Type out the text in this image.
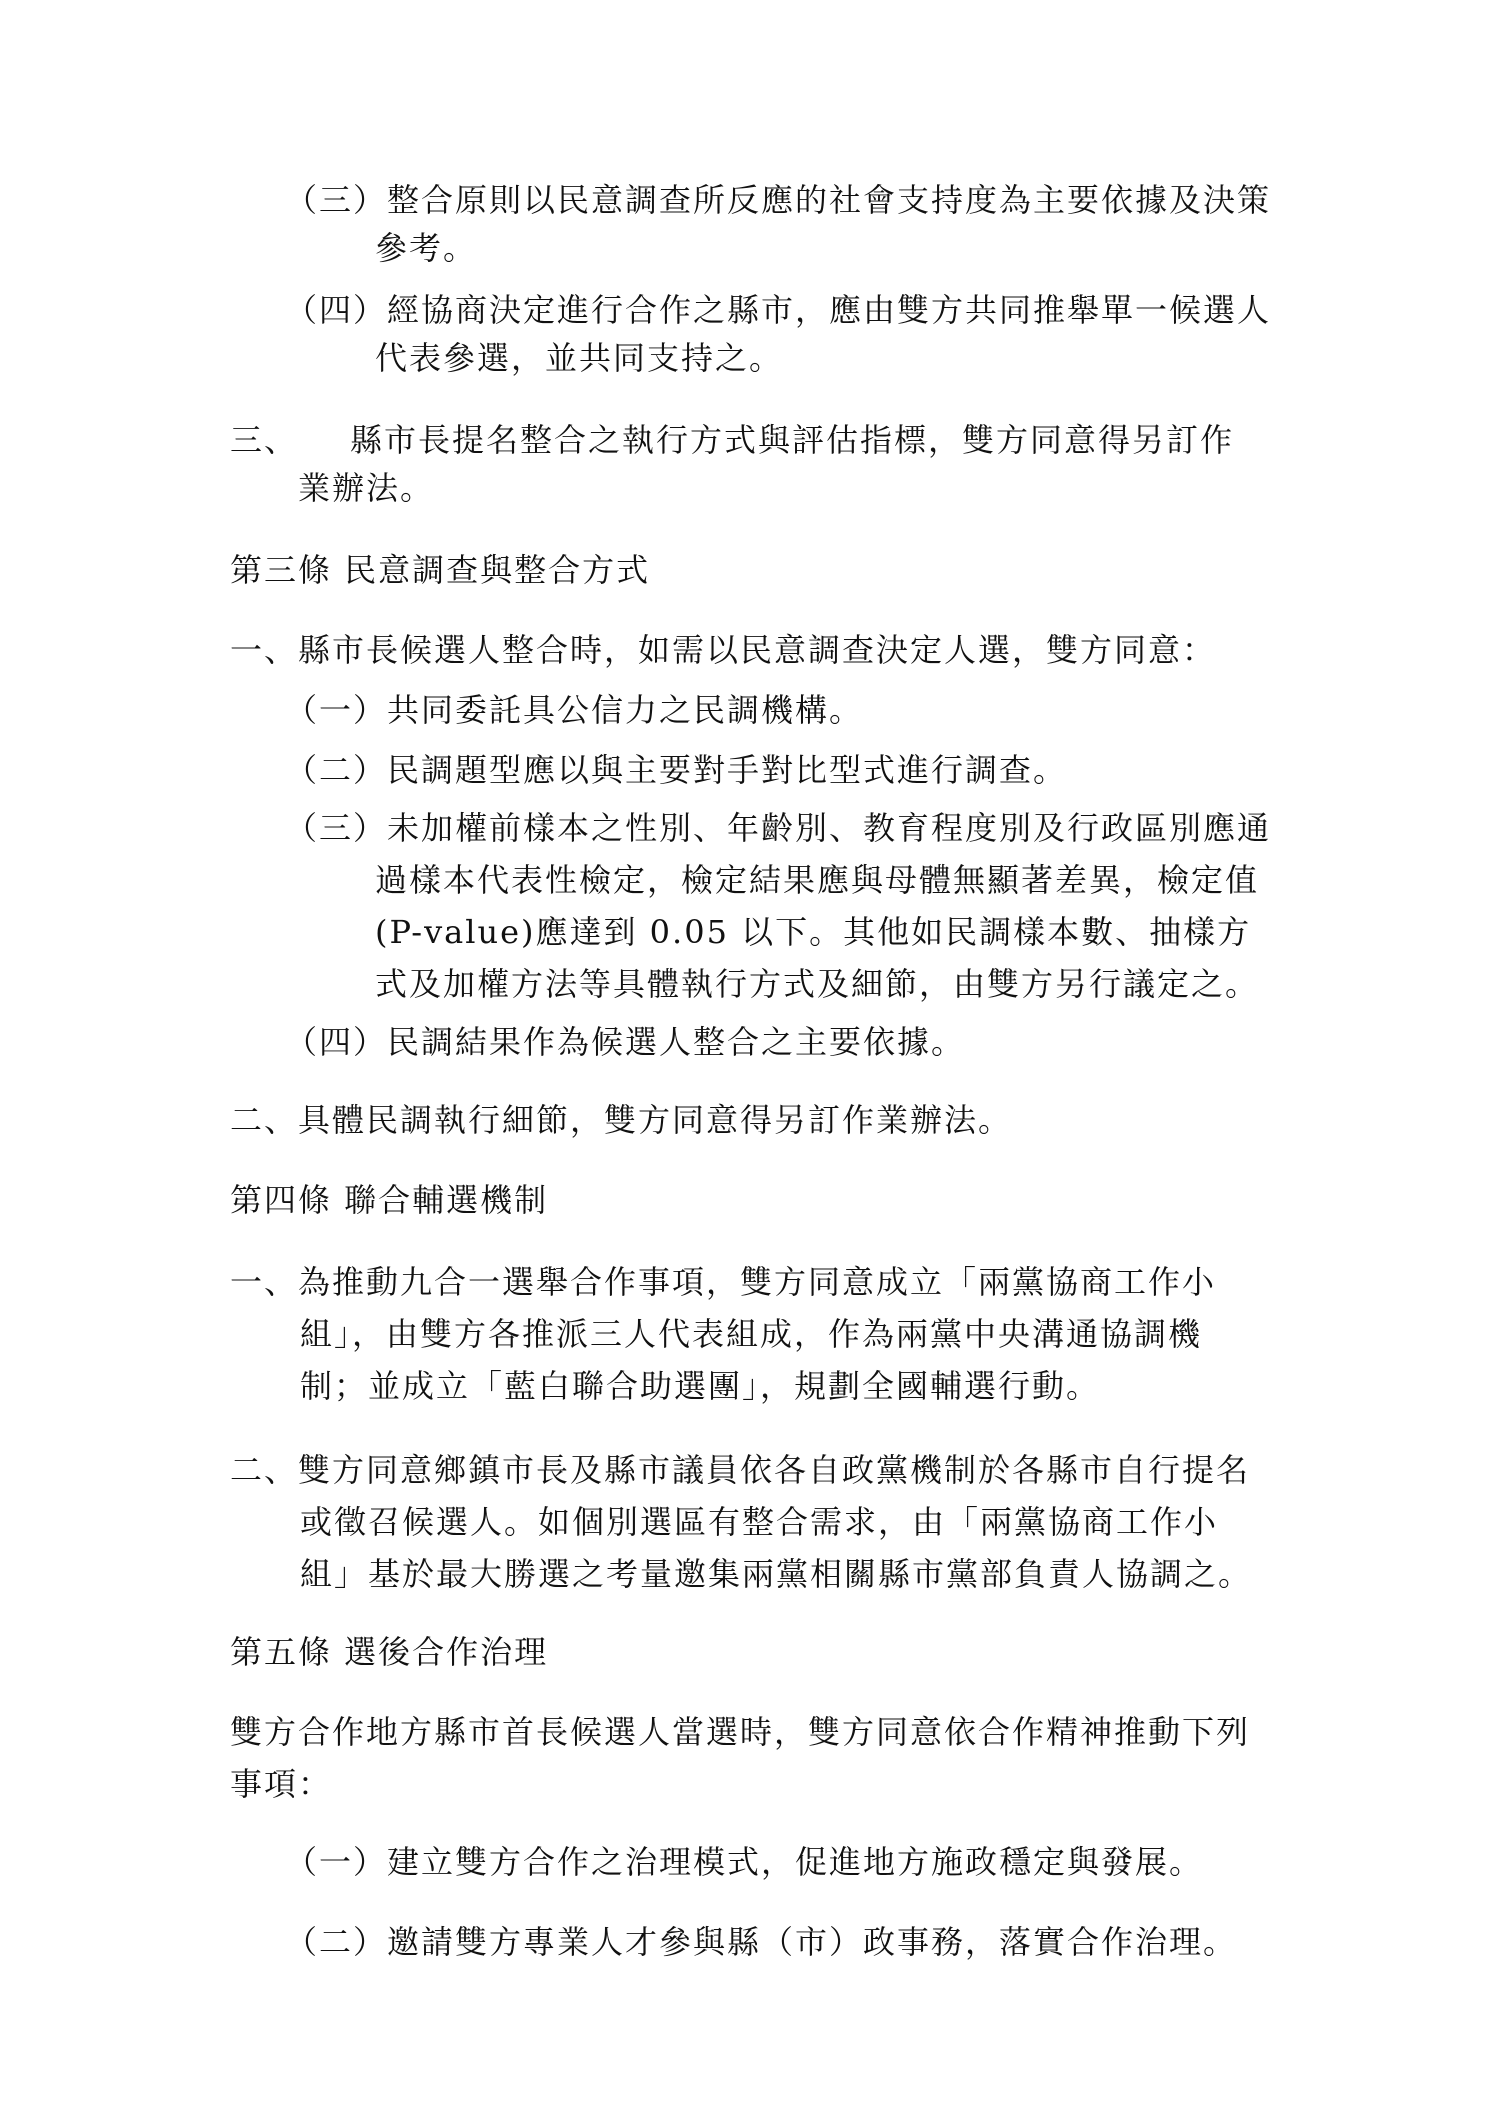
（三）整合原則以民意調查所反應的社會支持度為主要依據及決策
參考。
（四）經協商決定進行合作之縣市，應由雙方共同推舉單一候選人
代表參選，並共同支持之。
三、 縣市長提名整合之執行方式與評估指標，雙方同意得另訂作
業辦法。
第三條 民意調查與整合方式
一、縣市長候選人整合時，如需以民意調查決定人選，雙方同意：
（一）共同委託具公信力之民調機構。
（二）民調題型應以與主要對手對比型式進行調查。
（三）未加權前樣本之性別、年齡別、教育程度別及行政區別應通
過樣本代表性檢定，檢定結果應與母體無顯著差異，檢定值
(P-value)應達到 0.05 以下。其他如民調樣本數、抽樣方
式及加權方法等具體執行方式及細節，由雙方另行議定之。
（四）民調結果作為候選人整合之主要依據。
二、具體民調執行細節，雙方同意得另訂作業辦法。
第四條 聯合輔選機制
一、為推動九合一選舉合作事項，雙方同意成立「兩黨協商工作小
組」，由雙方各推派三人代表組成，作為兩黨中央溝通協調機
制；並成立「藍白聯合助選團」，規劃全國輔選行動。
二、雙方同意鄉鎮市長及縣市議員依各自政黨機制於各縣市自行提名
或徵召候選人。如個別選區有整合需求，由「兩黨協商工作小
組」基於最大勝選之考量邀集兩黨相關縣市黨部負責人協調之。
第五條 選後合作治理
雙方合作地方縣市首長候選人當選時，雙方同意依合作精神推動下列
事項：
（一）建立雙方合作之治理模式，促進地方施政穩定與發展。
（二）邀請雙方專業人才參與縣（市）政事務，落實合作治理。
